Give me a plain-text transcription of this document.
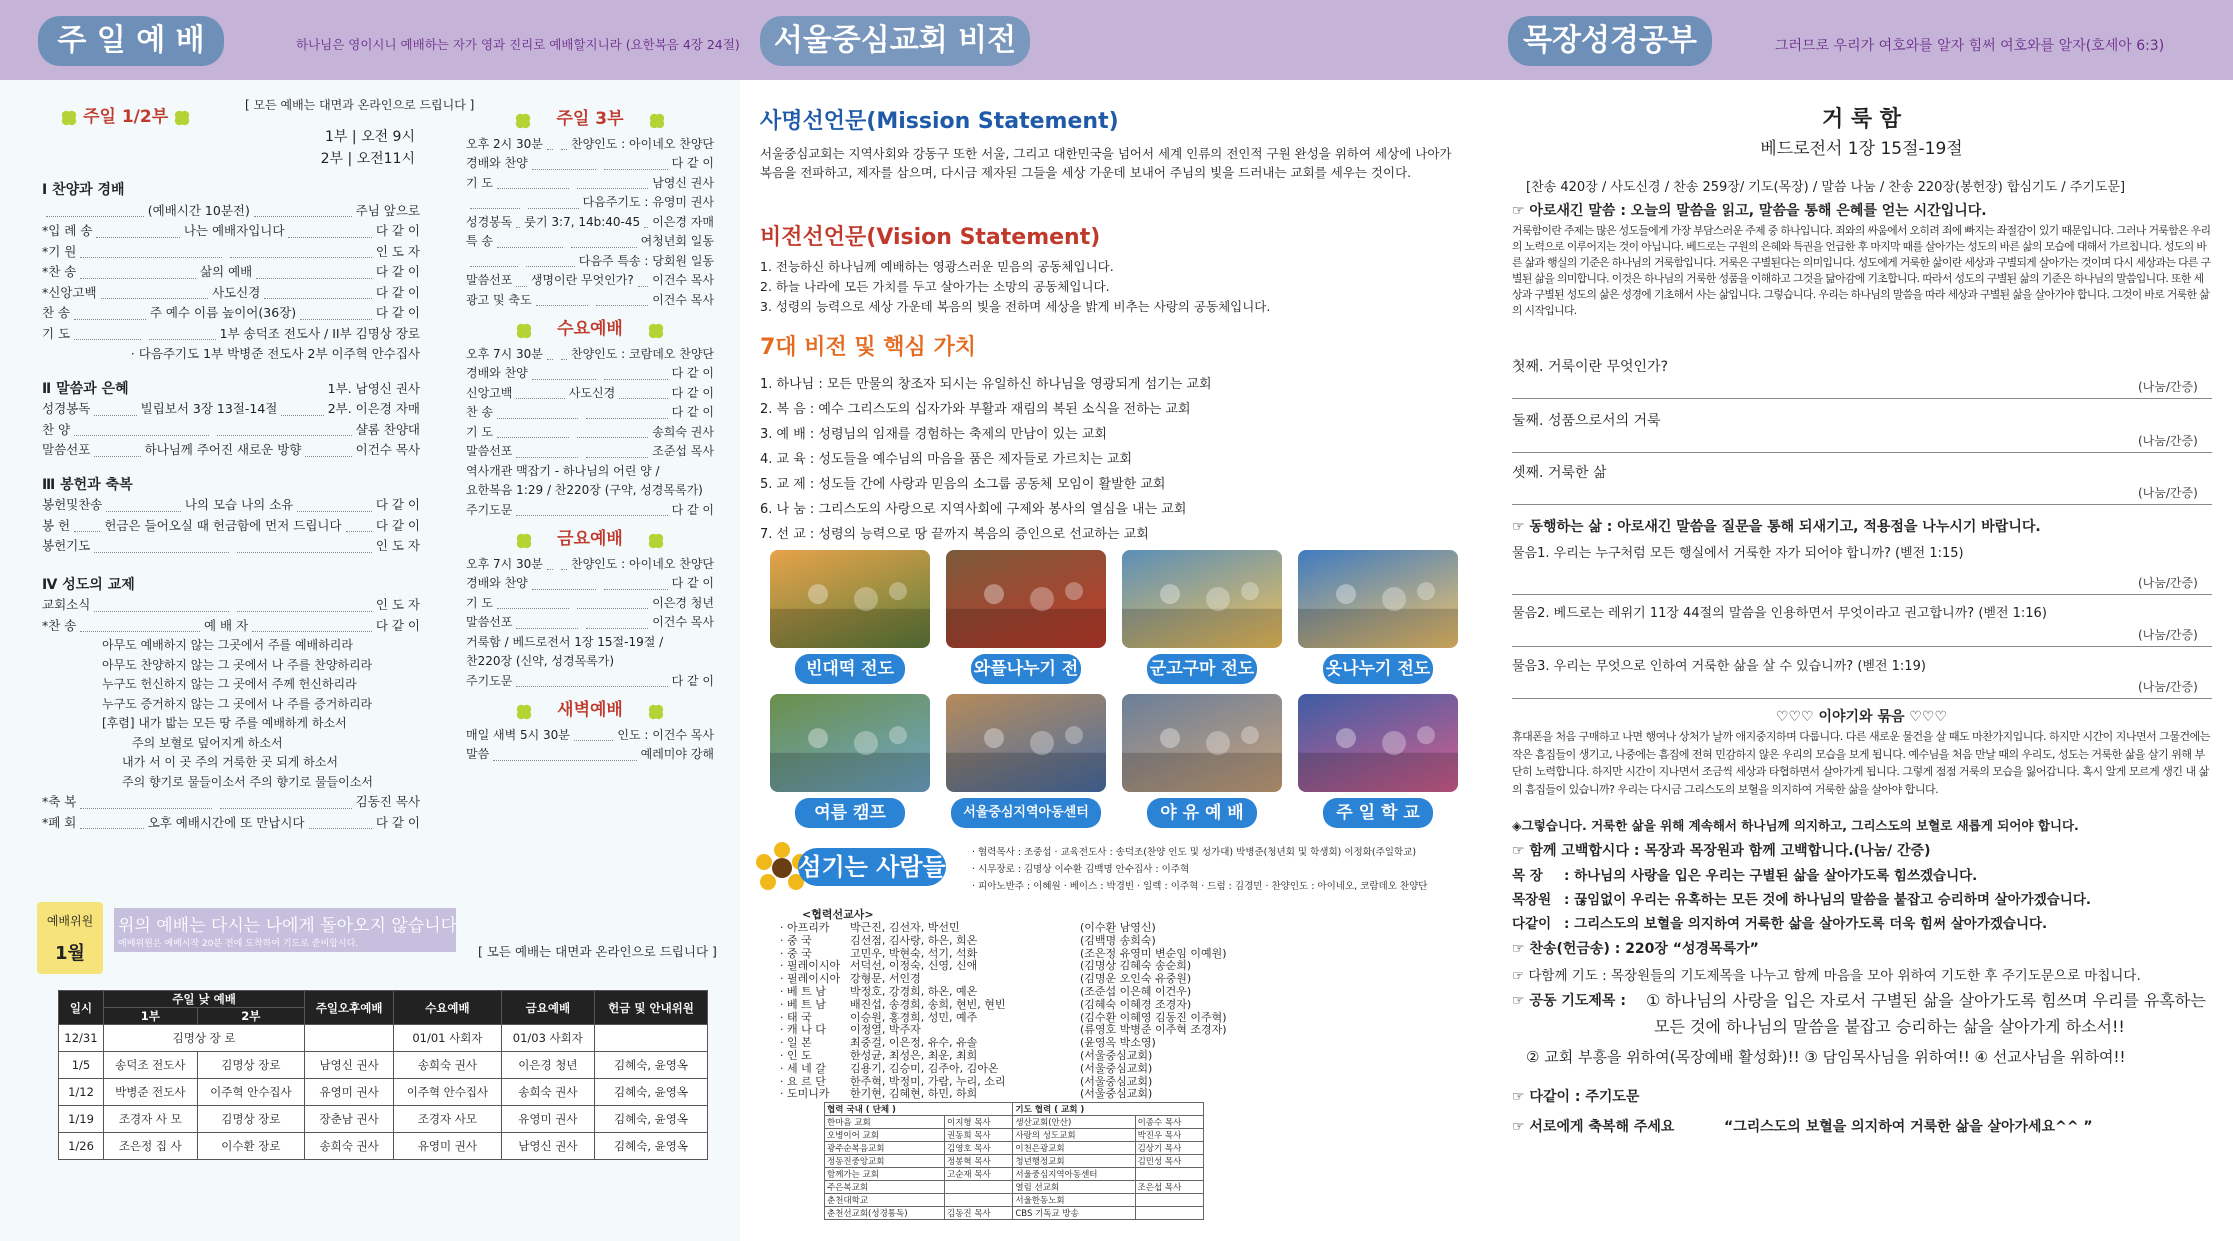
주 일 예 배	하나님은 영이시니 예배하는 자가 영과 진리로 예배할지니라 (요한복음 4장 24절)	서울중심교회 비전	목장성경공부	그러므로 우리가 여호와를 알자 힘써 여호와를 알자(호세아 6:3)
주일 1/2부
[ 모든 예배는 대면과 온라인으로 드립니다 ]
1부 | 오전 9시
2부 | 오전11시
Ⅰ 찬양과 경배
(예배시간 10분전)	주님 앞으로
*입 례 송	나는 예배자입니다	다 같 이
*기 원	인 도 자
*찬 송	삶의 예배	다 같 이
*신앙고백	사도신경	다 같 이
찬 송	주 예수 이름 높이어(36장)	다 같 이
기 도	1부 송덕조 전도사 / II부 김명상 장로
· 다음주기도 1부 박병준 전도사 2부 이주혁 안수집사
Ⅱ 말씀과 은혜	1부. 남영신 권사
성경봉독	빌립보서 3장 13절-14절	2부. 이은경 자매
찬 양	샬롬 찬양대
말씀선포	하나님께 주어진 새로운 방향	이건수 목사
Ⅲ 봉헌과 축복
봉헌및찬송	나의 모습 나의 소유	다 같 이
봉 헌	헌금은 들어오실 때 헌금함에 먼저 드립니다	다 같 이
봉헌기도	인 도 자
Ⅳ 성도의 교제
교회소식	인 도 자
*찬 송	예 배 자	다 같 이
아무도 예배하지 않는 그곳에서 주를 예배하리라
아무도 찬양하지 않는 그 곳에서 나 주를 찬양하리라
누구도 헌신하지 않는 그 곳에서 주께 헌신하리라
누구도 증거하지 않는 그 곳에서 나 주를 증거하리라
[후렴] 내가 밟는 모든 땅 주를 예배하게 하소서
주의 보혈로 덮어지게 하소서
내가 서 이 곳 주의 거룩한 곳 되게 하소서
주의 향기로 물들이소서 주의 향기로 물들이소서
*축 복	김동진 목사
*폐 회	오후 예배시간에 또 만납시다	다 같 이
주일 3부
오후 2시 30분 찬양인도 : 아이네오 찬양단
경배와 찬양	다 같 이
기 도	남영신 권사
다음주기도 : 유영미 권사
성경봉독 룻기 3:7, 14b:40-45 이은경 자매
특 송	여청년회 일동
다음주 특송 : 당회원 일동
말씀선포 생명이란 무엇인가? 이건수 목사
광고 및 축도	이건수 목사
수요예배
오후 7시 30분 찬양인도 : 코람데오 찬양단
경배와 찬양	다 같 이
신앙고백	사도신경	다 같 이
찬 송	다 같 이
기 도	송희숙 권사
말씀선포	조준섭 목사
역사개관 맥잡기 - 하나님의 어린 양 /
요한복음 1:29 / 찬220장 (구약, 성경목록가)
주기도문	다 같 이
금요예배
오후 7시 30분 찬양인도 : 아이네오 찬양단
경배와 찬양	다 같 이
기 도	이은경 청년
말씀선포	이건수 목사
거룩함 / 베드로전서 1장 15절-19절 /
찬220장 (신약, 성경목록가)
주기도문	다 같 이
새벽예배
매일 새벽 5시 30분	인도 : 이건수 목사
말씀	예레미야 강해
예배위원
1월
위의 예배는 다시는 나에게 돌아오지 않습니다.
예배위원은 예배시작 20분 전에 도착하여 기도로 준비합시다.	[ 모든 예배는 대면과 온라인으로 드립니다 ]
일시	주일 낮 예배		주일오후예배	수요예배	금요예배	헌금 및 안내위원
	1부	2부				
12/31	김명상 장 로			01/01 사회자	01/03 사회자	
1/5	송덕조 전도사	김명상 장로	남영신 권사	송희숙 권사	이은경 청년	김혜숙, 윤영옥
1/12	박병준 전도사	이주혁 안수집사	유영미 권사	이주혁 안수집사	송희숙 권사	김혜숙, 윤영옥
1/19	조경자 사 모	김명상 장로	장춘남 권사	조경자 사모	유영미 권사	김혜숙, 윤영옥
1/26	조은정 집 사	이수환 장로	송희숙 권사	유영미 권사	남영신 권사	김혜숙, 윤영옥
사명선언문(Mission Statement)
서울중심교회는 지역사회와 강동구 또한 서울, 그리고 대한민국을 넘어서 세계 인류의 전인적 구원 완성을 위하여 세상에 나아가 복음을 전파하고, 제자를 삼으며, 다시금 제자된 그들을 세상 가운데 보내어 주님의 빛을 드러내는 교회를 세우는 것이다.
비전선언문(Vision Statement)
1. 전능하신 하나님께 예배하는 영광스러운 믿음의 공동체입니다.
2. 하늘 나라에 모든 가치를 두고 살아가는 소망의 공동체입니다.
3. 성령의 능력으로 세상 가운데 복음의 빛을 전하며 세상을 밝게 비추는 사랑의 공동체입니다.
7대 비전 및 핵심 가치
1. 하나님 : 모든 만물의 창조자 되시는 유일하신 하나님을 영광되게 섬기는 교회
2. 복 음 : 예수 그리스도의 십자가와 부활과 재림의 복된 소식을 전하는 교회
3. 예 배 : 성령님의 임재를 경험하는 축제의 만남이 있는 교회
4. 교 육 : 성도들을 예수님의 마음을 품은 제자들로 가르치는 교회
5. 교 제 : 성도들 간에 사랑과 믿음의 소그룹 공동체 모임이 활발한 교회
6. 나 눔 : 그리스도의 사랑으로 지역사회에 구제와 봉사의 열심을 내는 교회
7. 선 교 : 성령의 능력으로 땅 끝까지 복음의 증인으로 선교하는 교회
빈대떡 전도	와플나누기 전	군고구마 전도	옷나누기 전도
여름 캠프	서울중심지역아동센터	야 유 예 배	주 일 학 교
섬기는 사람들
· 협력목사 : 조중섭 · 교육전도사 : 송덕조(찬양 인도 및 성가대) 박병준(청년회 및 학생회) 이정화(주일학교)
· 시무장로 : 김명상 이수환 김백명 안수집사 : 이주혁
· 피아노반주 : 이혜원 · 베이스 : 박경빈 · 일렉 : 이주혁 · 드럼 : 김경민 · 찬양인도 : 아이네오, 코람데오 찬양단
<협력선교사>
· 아프리카	박근진, 김선자, 박선민	(이수환 남영신)
· 중 국	김선점, 김사랑, 하은, 희온	(김백명 송희숙)
· 중 국	고민우, 박현숙, 석기, 석화	(조은정 유영미 변순임 이예원)
· 필레이시아 서덕선, 이정숙, 신영, 신애	(김명상 김혜숙 송순희)
· 필레이시아 강형문, 서인경	(김명운 오인숙 유중원)
· 베 트 남	박정호, 강경희, 하온, 예온	(조준섭 이은혜 이건우)
· 베 트 남	배진섭, 송경희, 송희, 현빈, 현빈	(김혜숙 이혜경 조경자)
· 태 국	이승원, 홍경희, 성민, 예주	(김수환 이혜영 김동진 이주혁)
· 캐 나 다	이정열, 박주자	(류영호 박병준 이주혁 조경자)
· 일 본	최중걸, 이은정, 유수, 유솔	(윤영옥 박소영)
· 인 도	한성균, 최성은, 최운, 최희	(서울중심교회)
· 세 네 갈	김용기, 김승미, 김주아, 김아온	(서울중심교회)
· 요 르 단	한주혁, 박정미, 가람, 누리, 소리	(서울중심교회)
· 도미니카	한기현, 김혜현, 하민, 하희	(서울중심교회)
협력 국내 ( 단체 )		기도 협력 ( 교회 )	
한마음 교회	이지형 목사	생산교회(안산)	이종수 목사
오병이어 교회	권동희 목사	사랑의 성도교회	박진우 목사
광주순복음교회	김영호 목사	이천은광교회	김상기 목사
정동진중앙교회	정봉혁 목사	청년행정교회	김민성 목사
함께가는 교회	고순재 목사	서울중심지역아동센터	
주은복교회		열림 선교회	조은섭 목사
춘천대학교		서울한동노회	
춘천선교회(성경통독)	김동진 목사	CBS 기독교 방송	
거 룩 함
베드로전서 1장 15절-19절
[찬송 420장 / 사도신경 / 찬송 259장/ 기도(목장) / 말씀 나눔 / 찬송 220장(봉헌장) 합심기도 / 주기도문]
☞ 아로새긴 말씀 : 오늘의 말씀을 읽고, 말씀을 통해 은혜를 얻는 시간입니다.
거룩함이란 주제는 많은 성도들에게 가장 부담스러운 주제 중 하나입니다. 죄와의 싸움에서 오히려 죄에 빠지는 좌절감이 있기 때문입니다. 그러나 거룩함은 우리의 노력으로 이루어지는 것이 아닙니다. 베드로는 구원의 은혜와 특권을 언급한 후 마지막 때를 살아가는 성도의 바른 삶의 모습에 대해서 가르칩니다. 성도의 바른 삶과 행실의 기준은 하나님의 거룩함입니다. 거룩은 구별된다는 의미입니다. 성도에게 거룩한 삶이란 세상과 구별되게 살아가는 것이며 다시 세상과는 다른 구별된 삶을 의미합니다. 이것은 하나님의 거룩한 성품을 이해하고 그것을 닮아감에 기초합니다. 따라서 성도의 구별된 삶의 기준은 하나님의 말씀입니다. 또한 세상과 구별된 성도의 삶은 성경에 기초해서 사는 삶입니다. 그렇습니다. 우리는 하나님의 말씀을 따라 세상과 구별된 삶을 살아가야 합니다. 그것이 바로 거룩한 삶의 시작입니다.
첫째. 거룩이란 무엇인가?
(나눔/간증)
둘째. 성품으로서의 거룩
(나눔/간증)
셋째. 거룩한 삶
(나눔/간증)
☞ 동행하는 삶 : 아로새긴 말씀을 질문을 통해 되새기고, 적용점을 나누시기 바랍니다.
물음1. 우리는 누구처럼 모든 행실에서 거룩한 자가 되어야 합니까? (벧전 1:15)
(나눔/간증)
물음2. 베드로는 레위기 11장 44절의 말씀을 인용하면서 무엇이라고 권고합니까? (벧전 1:16)
(나눔/간증)
물음3. 우리는 무엇으로 인하여 거룩한 삶을 살 수 있습니까? (벧전 1:19)
(나눔/간증)
♡♡♡ 이야기와 묶음 ♡♡♡
휴대폰을 처음 구매하고 나면 행여나 상처가 날까 애지중지하며 다룹니다. 다른 새로운 물건을 살 때도 마찬가지입니다. 하지만 시간이 지나면서 그물건에는 작은 흠집들이 생기고, 나중에는 흠집에 전혀 민감하지 않은 우리의 모습을 보게 됩니다. 예수님을 처음 만날 때의 우리도, 성도는 거룩한 삶을 살기 위해 부단히 노력합니다. 하지만 시간이 지나면서 조금씩 세상과 타협하면서 살아가게 됩니다. 그렇게 점점 거룩의 모습을 잃어갑니다. 혹시 알게 모르게 생긴 내 삶의 흠집들이 있습니까? 우리는 다시금 그리스도의 보혈을 의지하여 거룩한 삶을 살아야 합니다.
◈그렇습니다. 거룩한 삶을 위해 계속해서 하나님께 의지하고, 그리스도의 보혈로 새롭게 되어야 합니다.
☞ 함께 고백합시다 : 목장과 목장원과 함께 고백합니다.(나눔/ 간증)
목 장 : 하나님의 사랑을 입은 우리는 구별된 삶을 살아가도록 힘쓰겠습니다.
목장원 : 끊임없이 우리는 유혹하는 모든 것에 하나님의 말씀을 붙잡고 승리하며 살아가겠습니다.
다같이 : 그리스도의 보혈을 의지하여 거룩한 삶을 살아가도록 더욱 힘써 살아가겠습니다.
☞ 찬송(헌금송) : 220장 “성경목록가”
☞ 다함께 기도 : 목장원들의 기도제목을 나누고 함께 마음을 모아 위하여 기도한 후 주기도문으로 마칩니다.
☞ 공동 기도제목 : ① 하나님의 사랑을 입은 자로서 구별된 삶을 살아가도록 힘쓰며 우리를 유혹하는
모든 것에 하나님의 말씀을 붙잡고 승리하는 삶을 살아가게 하소서!!
② 교회 부흥을 위하여(목장예배 활성화)!! ③ 담임목사님을 위하여!! ④ 선교사님을 위하여!!
☞ 다같이 : 주기도문
☞ 서로에게 축복해 주세요	“그리스도의 보혈을 의지하여 거룩한 삶을 살아가세요^^ ”
